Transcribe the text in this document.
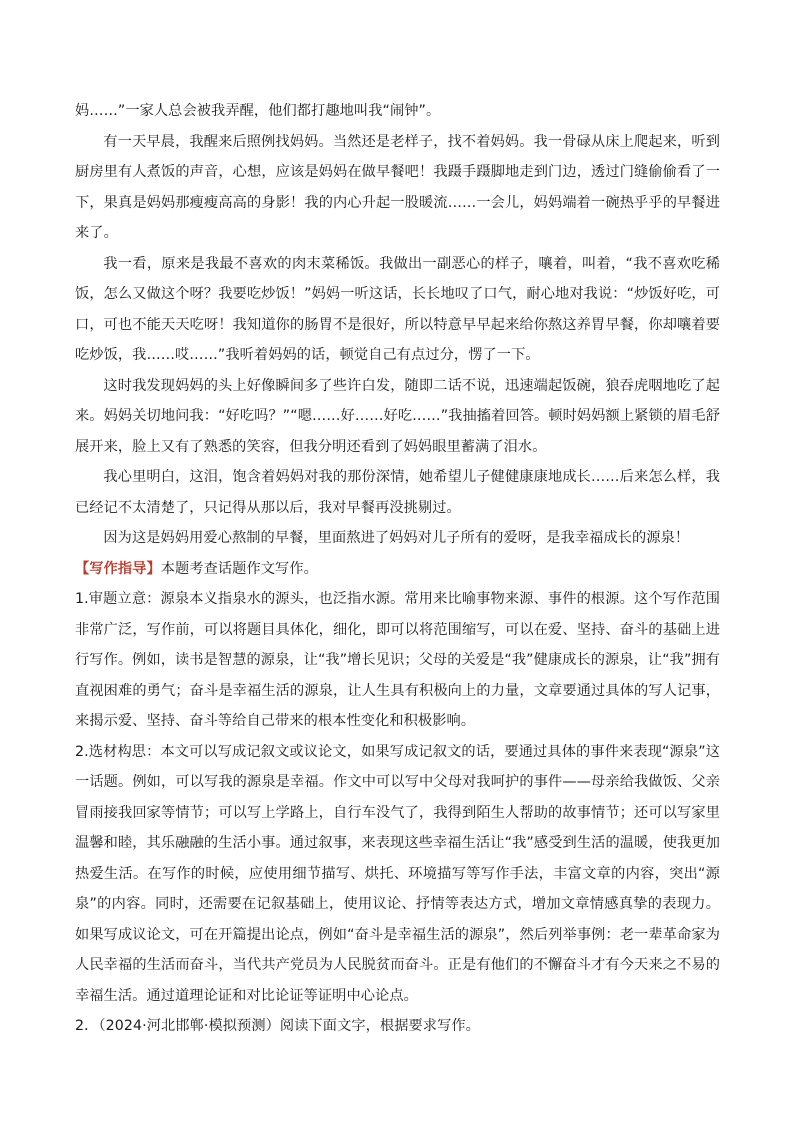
妈……”一家人总会被我弄醒，他们都打趣地叫我“闹钟”。

有一天早晨，我醒来后照例找妈妈。当然还是老样子，找不着妈妈。我一骨碌从床上爬起来，听到厨房里有人煮饭的声音，心想，应该是妈妈在做早餐吧！我蹑手蹑脚地走到门边，透过门缝偷偷看了一下，果真是妈妈那瘦瘦高高的身影！我的内心升起一股暖流……一会儿，妈妈端着一碗热乎乎的早餐进来了。

我一看，原来是我最不喜欢的肉末菜稀饭。我做出一副恶心的样子，嚷着，叫着，“我不喜欢吃稀饭，怎么又做这个呀？我要吃炒饭！”妈妈一听这话，长长地叹了口气，耐心地对我说：“炒饭好吃，可口，可也不能天天吃呀！我知道你的肠胃不是很好，所以特意早早起来给你熬这养胃早餐，你却嚷着要吃炒饭，我……哎……”我听着妈妈的话，顿觉自己有点过分，愣了一下。

这时我发现妈妈的头上好像瞬间多了些许白发，随即二话不说，迅速端起饭碗，狼吞虎咽地吃了起来。妈妈关切地问我：“好吃吗？”“嗯……好……好吃……”我抽搐着回答。顿时妈妈额上紧锁的眉毛舒展开来，脸上又有了熟悉的笑容，但我分明还看到了妈妈眼里蓄满了泪水。

我心里明白，这泪，饱含着妈妈对我的那份深情，她希望儿子健健康康地成长……后来怎么样，我已经记不太清楚了，只记得从那以后，我对早餐再没挑剔过。

因为这是妈妈用爱心熬制的早餐，里面熬进了妈妈对儿子所有的爱呀，是我幸福成长的源泉！

【写作指导】本题考查话题作文写作。

1.审题立意：源泉本义指泉水的源头，也泛指水源。常用来比喻事物来源、事件的根源。这个写作范围非常广泛，写作前，可以将题目具体化，细化，即可以将范围缩写，可以在爱、坚持、奋斗的基础上进行写作。例如，读书是智慧的源泉，让“我”增长见识；父母的关爱是“我”健康成长的源泉，让“我”拥有直视困难的勇气；奋斗是幸福生活的源泉，让人生具有积极向上的力量，文章要通过具体的写人记事，来揭示爱、坚持、奋斗等给自己带来的根本性变化和积极影响。

2.选材构思：本文可以写成记叙文或议论文，如果写成记叙文的话，要通过具体的事件来表现“源泉”这一话题。例如，可以写我的源泉是幸福。作文中可以写中父母对我呵护的事件——母亲给我做饭、父亲冒雨接我回家等情节；可以写上学路上，自行车没气了，我得到陌生人帮助的故事情节；还可以写家里温馨和睦，其乐融融的生活小事。通过叙事，来表现这些幸福生活让“我”感受到生活的温暖，使我更加热爱生活。在写作的时候，应使用细节描写、烘托、环境描写等写作手法，丰富文章的内容，突出“源泉”的内容。同时，还需要在记叙基础上，使用议论、抒情等表达方式，增加文章情感真挚的表现力。如果写成议论文，可在开篇提出论点，例如“奋斗是幸福生活的源泉”，然后列举事例：老一辈革命家为人民幸福的生活而奋斗，当代共产党员为人民脱贫而奋斗。正是有他们的不懈奋斗才有今天来之不易的幸福生活。通过道理论证和对比论证等证明中心论点。

2．（2024·河北邯郸·模拟预测）阅读下面文字，根据要求写作。
